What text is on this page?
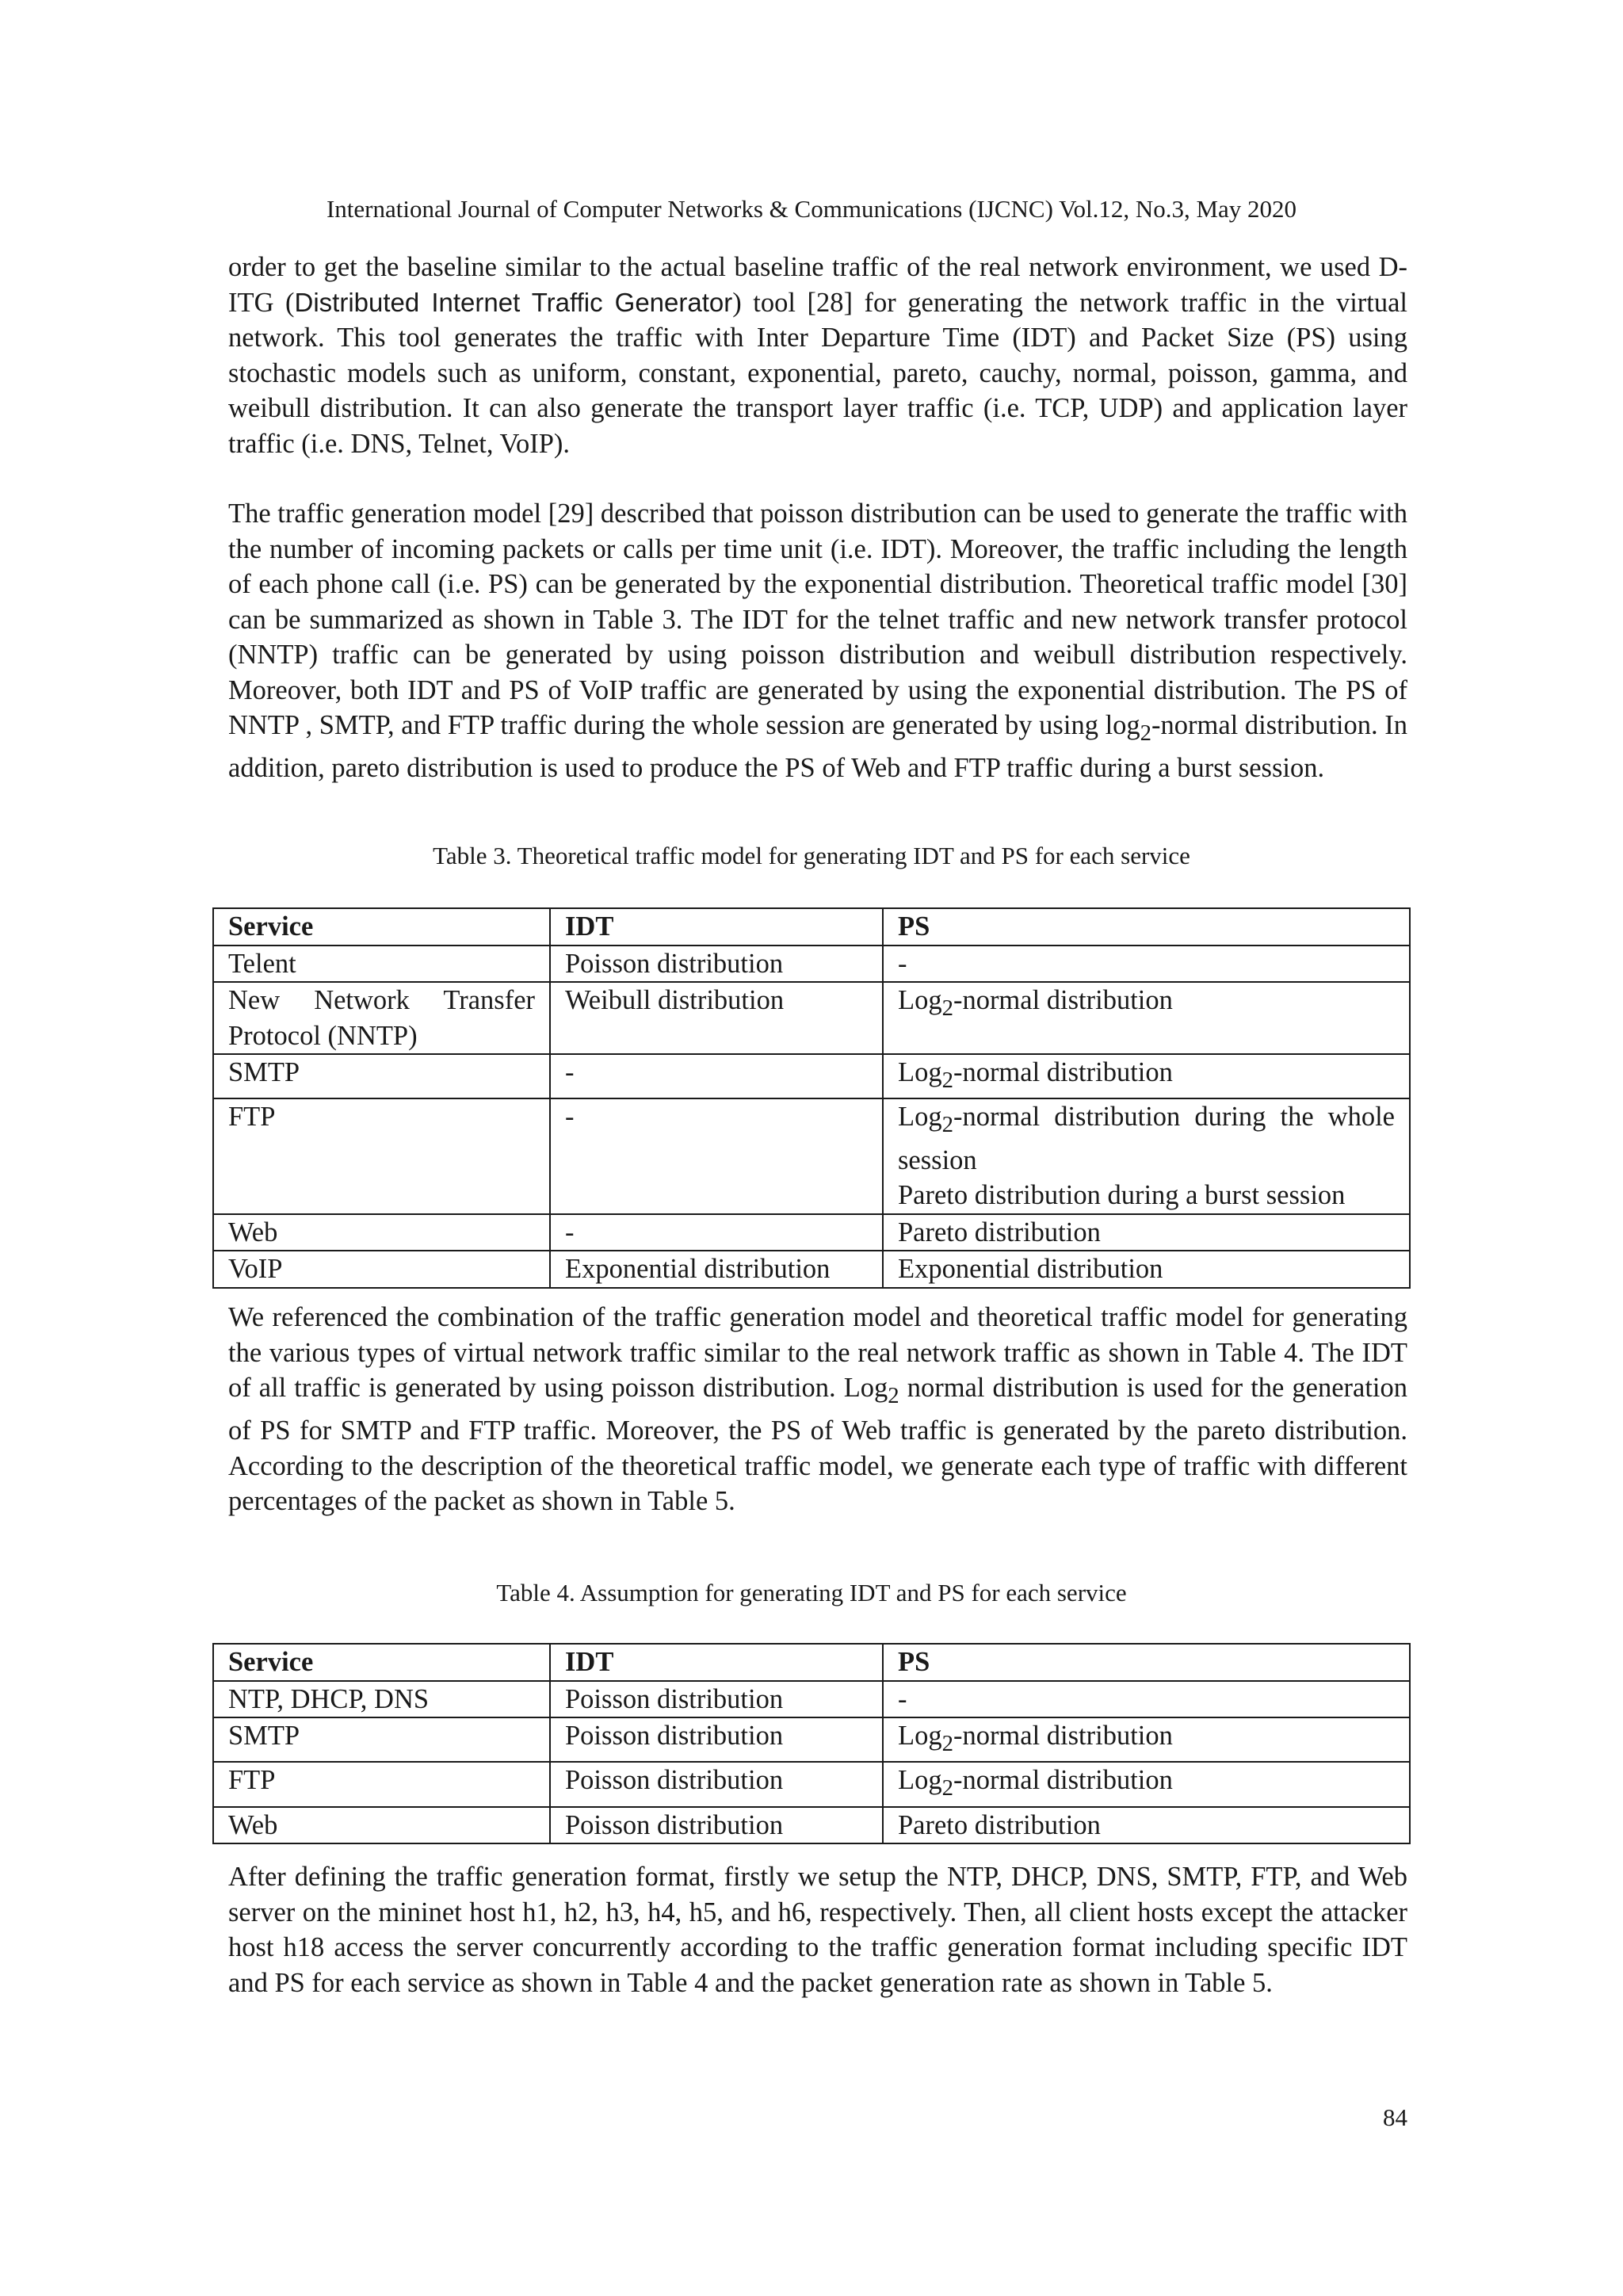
International Journal of Computer Networks & Communications (IJCNC) Vol.12, No.3, May 2020

order to get the baseline similar to the actual baseline traffic of the real network environment, we used D-ITG (Distributed Internet Traffic Generator) tool [28] for generating the network traffic in the virtual network. This tool generates the traffic with Inter Departure Time (IDT) and Packet Size (PS) using stochastic models such as uniform, constant, exponential, pareto, cauchy, normal, poisson, gamma, and weibull distribution. It can also generate the transport layer traffic (i.e. TCP, UDP) and application layer traffic (i.e. DNS, Telnet, VoIP).

The traffic generation model [29] described that poisson distribution can be used to generate the traffic with the number of incoming packets or calls per time unit (i.e. IDT). Moreover, the traffic including the length of each phone call (i.e. PS) can be generated by the exponential distribution. Theoretical traffic model [30] can be summarized as shown in Table 3. The IDT for the telnet traffic and new network transfer protocol (NNTP) traffic can be generated by using poisson distribution and weibull distribution respectively. Moreover, both IDT and PS of VoIP traffic are generated by using the exponential distribution. The PS of NNTP , SMTP, and FTP traffic during the whole session are generated by using $\log_2$-normal distribution. In addition, pareto distribution is used to produce the PS of Web and FTP traffic during a burst session.

Table 3. Theoretical traffic model for generating IDT and PS for each service
Service	IDT	PS
Telent	Poisson distribution	-
New Network Transfer Protocol (NNTP)	Weibull distribution	Log$_2$-normal distribution
SMTP	-	Log$_2$-normal distribution
FTP	-	Log$_2$-normal distribution during the whole session
Pareto distribution during a burst session

Web	-	Pareto distribution
VoIP	Exponential distribution	Exponential distribution

We referenced the combination of the traffic generation model and theoretical traffic model for generating the various types of virtual network traffic similar to the real network traffic as shown in Table 4. The IDT of all traffic is generated by using poisson distribution. Log$_2$ normal distribution is used for the generation of PS for SMTP and FTP traffic. Moreover, the PS of Web traffic is generated by the pareto distribution. According to the description of the theoretical traffic model, we generate each type of traffic with different percentages of the packet as shown in Table 5.

Table 4. Assumption for generating IDT and PS for each service
Service	IDT	PS
NTP, DHCP, DNS	Poisson distribution	-
SMTP	Poisson distribution	Log$_2$-normal distribution
FTP	Poisson distribution	Log$_2$-normal distribution
Web	Poisson distribution	Pareto distribution

After defining the traffic generation format, firstly we setup the NTP, DHCP, DNS, SMTP, FTP, and Web server on the mininet host h1, h2, h3, h4, h5, and h6, respectively. Then, all client hosts except the attacker host h18 access the server concurrently according to the traffic generation format including specific IDT and PS for each service as shown in Table 4 and the packet generation rate as shown in Table 5.

84
